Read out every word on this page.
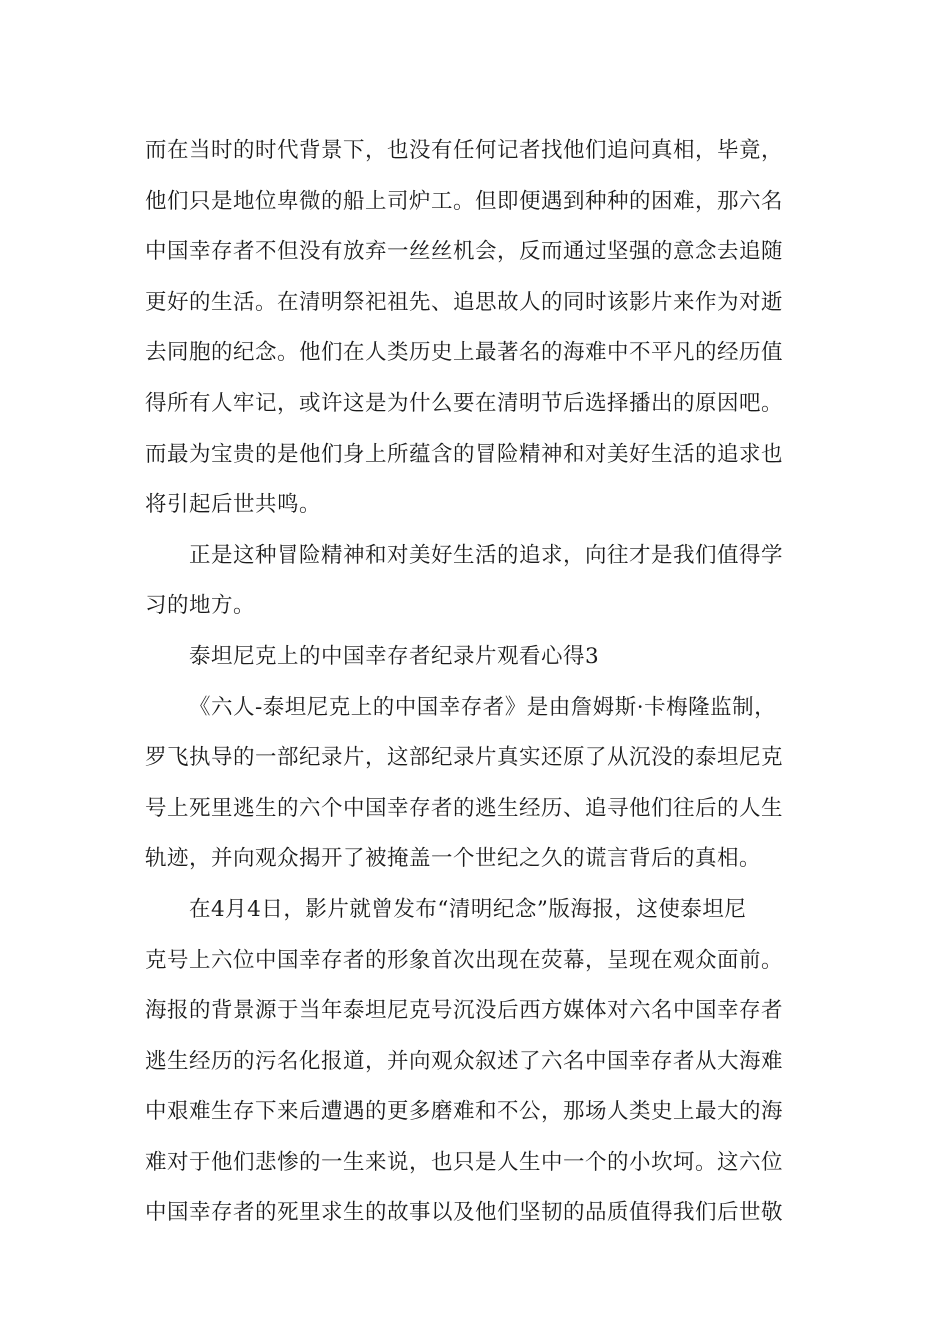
而在当时的时代背景下，也没有任何记者找他们追问真相，毕竟，
他们只是地位卑微的船上司炉工。但即便遇到种种的困难，那六名
中国幸存者不但没有放弃一丝丝机会，反而通过坚强的意念去追随
更好的生活。在清明祭祀祖先、追思故人的同时该影片来作为对逝
去同胞的纪念。他们在人类历史上最著名的海难中不平凡的经历值
得所有人牢记，或许这是为什么要在清明节后选择播出的原因吧。
而最为宝贵的是他们身上所蕴含的冒险精神和对美好生活的追求也
将引起后世共鸣。
正是这种冒险精神和对美好生活的追求，向往才是我们值得学
习的地方。
泰坦尼克上的中国幸存者纪录片观看心得3
《六人-泰坦尼克上的中国幸存者》是由詹姆斯·卡梅隆监制，
罗飞执导的一部纪录片，这部纪录片真实还原了从沉没的泰坦尼克
号上死里逃生的六个中国幸存者的逃生经历、追寻他们往后的人生
轨迹，并向观众揭开了被掩盖一个世纪之久的谎言背后的真相。
在4月4日，影片就曾发布“清明纪念”版海报，这使泰坦尼
克号上六位中国幸存者的形象首次出现在荧幕，呈现在观众面前。
海报的背景源于当年泰坦尼克号沉没后西方媒体对六名中国幸存者
逃生经历的污名化报道，并向观众叙述了六名中国幸存者从大海难
中艰难生存下来后遭遇的更多磨难和不公，那场人类史上最大的海
难对于他们悲惨的一生来说，也只是人生中一个的小坎坷。这六位
中国幸存者的死里求生的故事以及他们坚韧的品质值得我们后世敬
